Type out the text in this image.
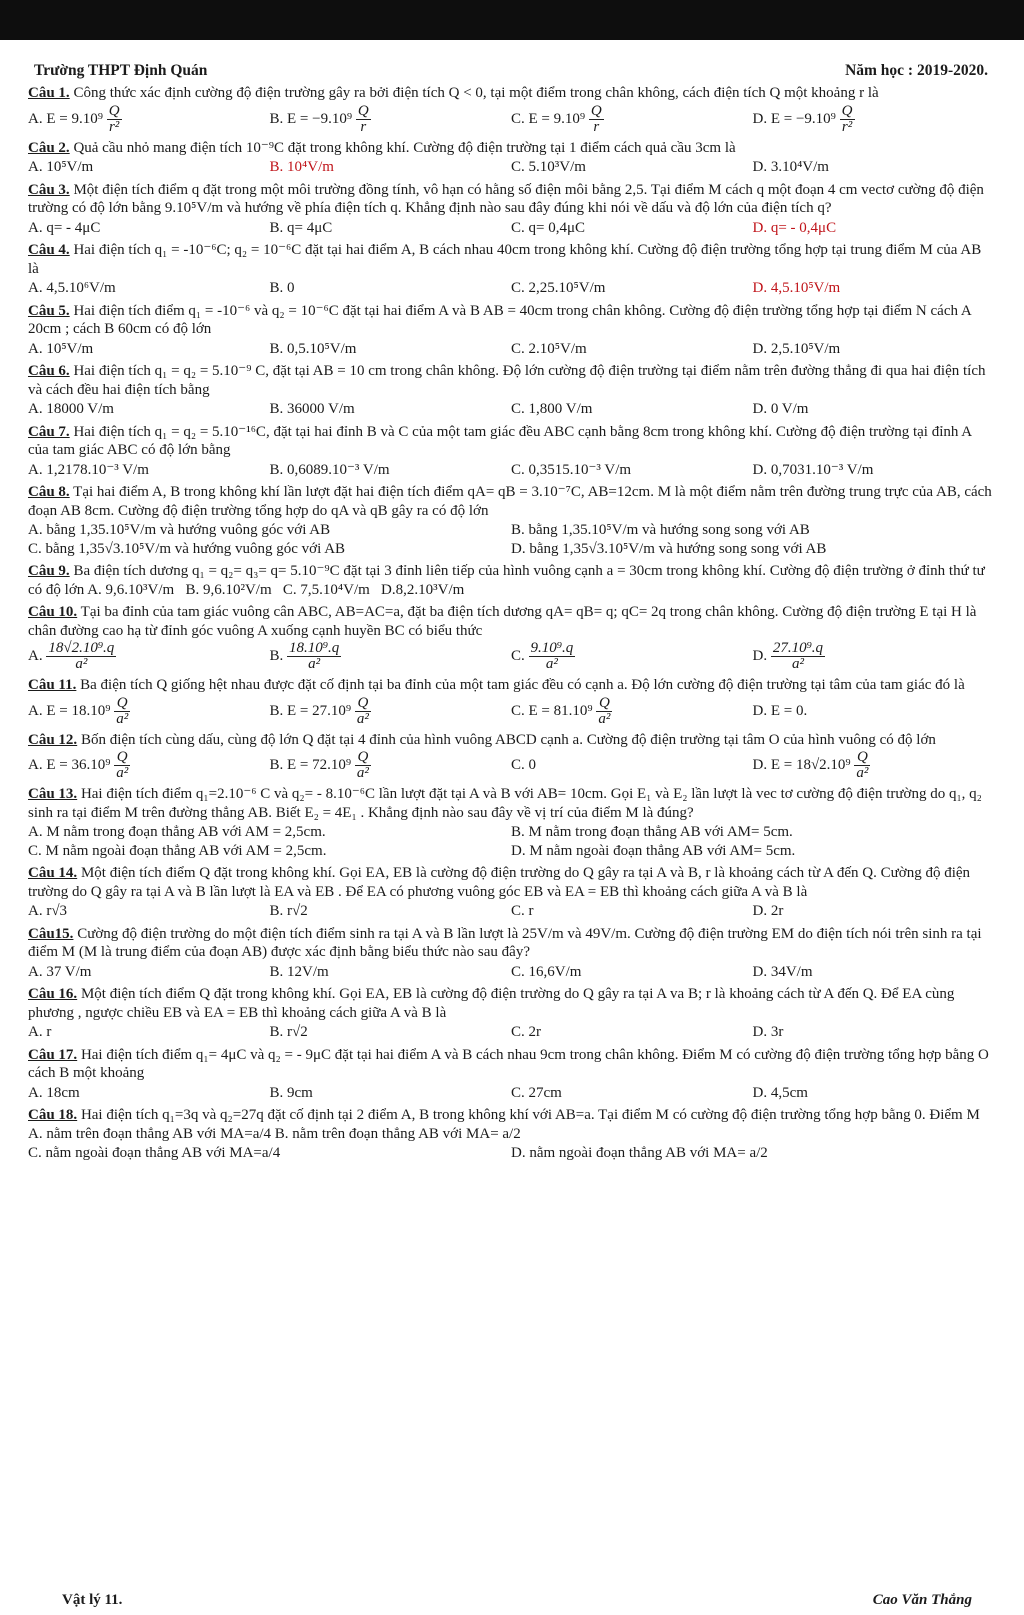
Trường THPT Định Quán	Năm học : 2019-2020.
Câu 1. Công thức xác định cường độ điện trường gây ra bởi điện tích Q < 0, tại một điểm trong chân không, cách điện tích Q một khoảng r là
A. $E = 9.10^9 \frac{Q}{\text{r²}}$	B. $E = -9.10^9 \frac{Q}{r}$	C. $E = 9.10^9 \frac{Q}{r}$	D. $E = -9.10^9 \frac{Q}{\text{r²}}$
Câu 2. Quả cầu nhỏ mang điện tích 10⁻⁹C đặt trong không khí. Cường độ điện trường tại 1 điểm cách quả cầu 3cm là
A. 10⁵V/m	B. 10⁴V/m	C. 5.10³V/m	D. 3.10⁴V/m
Câu 3. Một điện tích điểm q đặt trong một môi trường đồng tính, vô hạn có hằng số điện môi bằng 2,5. Tại điểm M cách q một đoạn 4 cm vectơ cường độ điện trường có độ lớn bằng 9.10⁵V/m và hướng về phía điện tích q. Khẳng định nào sau đây đúng khi nói về dấu và độ lớn của điện tích q?
A. q= - 4μC	B. q= 4μC	C. q= 0,4μC	D. q= - 0,4μC
Câu 4. Hai điện tích q₁ = -10⁻⁶C; q₂ = 10⁻⁶C đặt tại hai điểm A, B cách nhau 40cm trong không khí. Cường độ điện trường tổng hợp tại trung điểm M của AB là
A. 4,5.10⁶V/m	B. 0	C. 2,25.10⁵V/m	D. 4,5.10⁵V/m
Câu 5. Hai điện tích điểm q₁ = -10⁻⁶ và q₂ = 10⁻⁶C đặt tại hai điểm A và B AB = 40cm trong chân không. Cường độ điện trường tổng hợp tại điểm N cách A 20cm ; cách B 60cm có độ lớn
A. 10⁵V/m	B. 0,5.10⁵V/m	C. 2.10⁵V/m	D. 2,5.10⁵V/m
Câu 6. Hai điện tích q₁ = q₂ = 5.10⁻⁹ C, đặt tại AB = 10 cm trong chân không. Độ lớn cường độ điện trường tại điểm nằm trên đường thẳng đi qua hai điện tích và cách đều hai điện tích bằng
A. 18000 V/m	B. 36000 V/m	C. 1,800 V/m	D. 0 V/m
Câu 7. Hai điện tích q₁ = q₂ = 5.10⁻¹⁶C, đặt tại hai đỉnh B và C của một tam giác đều ABC cạnh bằng 8cm trong không khí. Cường độ điện trường tại đỉnh A của tam giác ABC có độ lớn bằng
A. 1,2178.10⁻³ V/m	B. 0,6089.10⁻³ V/m	C. 0,3515.10⁻³ V/m	D. 0,7031.10⁻³ V/m
Câu 8. Tại hai điểm A, B trong không khí lần lượt đặt hai điện tích điểm qA= qB = 3.10⁻⁷C, AB=12cm. M là một điểm nằm trên đường trung trực của AB, cách đoạn AB 8cm. Cường độ điện trường tổng hợp do qA và qB gây ra có độ lớn
A. bằng 1,35.10⁵V/m và hướng vuông góc với AB	B. bằng 1,35.10⁵V/m và hướng song song với AB
C. bằng 1,35√3.10⁵V/m và hướng vuông góc với AB	D. bằng 1,35√3.10⁵V/m và hướng song song với AB
Câu 9. Ba điện tích dương q₁ = q₂= q₃= q= 5.10⁻⁹C đặt tại 3 đỉnh liên tiếp của hình vuông cạnh a = 30cm trong không khí. Cường độ điện trường ở đỉnh thứ tư có độ lớn A. 9,6.10³V/m B. 9,6.10²V/m C. 7,5.10⁴V/m D.8,2.10³V/m
Câu 10. Tại ba đỉnh của tam giác vuông cân ABC, AB=AC=a, đặt ba điện tích dương qA= qB= q; qC= 2q trong chân không. Cường độ điện trường E tại H là chân đường cao hạ từ đỉnh góc vuông A xuống cạnh huyền BC có biểu thức
A. $\frac{\text{18√2.10⁹.q}}{\text{a²}}$	B. $\frac{\text{18.10⁹.q}}{\text{a²}}$	C. $\frac{\text{9.10⁹.q}}{\text{a²}}$	D. $\frac{\text{27.10⁹.q}}{\text{a²}}$
Câu 11. Ba điện tích Q giống hệt nhau được đặt cố định tại ba đỉnh của một tam giác đều có cạnh a. Độ lớn cường độ điện trường tại tâm của tam giác đó là
A. $E = 18.10^9 \frac{Q}{\text{a²}}$	B. $E = 27.10^9 \frac{Q}{\text{a²}}$	C. $E = 81.10^9 \frac{Q}{\text{a²}}$	D. E = 0.
Câu 12. Bốn điện tích cùng dấu, cùng độ lớn Q đặt tại 4 đỉnh của hình vuông ABCD cạnh a. Cường độ điện trường tại tâm O của hình vuông có độ lớn
A. $E = 36.10^9 \frac{Q}{\text{a²}}$	B. $E = 72.10^9 \frac{Q}{\text{a²}}$	C. 0	D. $E = 18√2.10^9 \frac{Q}{\text{a²}}$
Câu 13. Hai điện tích điểm q₁=2.10⁻⁶ C và q₂= - 8.10⁻⁶C lần lượt đặt tại A và B với AB= 10cm. Gọi E₁ và E₂ lần lượt là vec tơ cường độ điện trường do q₁, q₂ sinh ra tại điểm M trên đường thẳng AB. Biết E₂ = 4E₁ . Khẳng định nào sau đây về vị trí của điểm M là đúng?
A. M nằm trong đoạn thẳng AB với AM = 2,5cm.	B. M nằm trong đoạn thẳng AB với AM= 5cm.
C. M nằm ngoài đoạn thẳng AB với AM = 2,5cm.	D. M nằm ngoài đoạn thẳng AB với AM= 5cm.
Câu 14. Một điện tích điểm Q đặt trong không khí. Gọi EA, EB là cường độ điện trường do Q gây ra tại A và B, r là khoảng cách từ A đến Q. Cường độ điện trường do Q gây ra tại A và B lần lượt là EA và EB . Để EA có phương vuông góc EB và EA = EB thì khoảng cách giữa A và B là
A. r√3	B. r√2	C. r	D. 2r
Câu15. Cường độ điện trường do một điện tích điểm sinh ra tại A và B lần lượt là 25V/m và 49V/m. Cường độ điện trường EM do điện tích nói trên sinh ra tại điểm M (M là trung điểm của đoạn AB) được xác định bằng biểu thức nào sau đây?
A. 37 V/m	B. 12V/m	C. 16,6V/m	D. 34V/m
Câu 16. Một điện tích điểm Q đặt trong không khí. Gọi EA, EB là cường độ điện trường do Q gây ra tại A va B; r là khoảng cách từ A đến Q. Để EA cùng phương , ngược chiều EB và EA = EB thì khoảng cách giữa A và B là
A. r	B. r√2	C. 2r	D. 3r
Câu 17. Hai điện tích điểm q₁= 4μC và q₂ = - 9μC đặt tại hai điểm A và B cách nhau 9cm trong chân không. Điểm M có cường độ điện trường tổng hợp bằng O cách B một khoảng
A. 18cm	B. 9cm	C. 27cm	D. 4,5cm
Câu 18. Hai điện tích q₁=3q và q₂=27q đặt cố định tại 2 điểm A, B trong không khí với AB=a. Tại điểm M có cường độ điện trường tổng hợp bằng 0. Điểm M A. nằm trên đoạn thẳng AB với MA=a/4 B. nằm trên đoạn thẳng AB với MA= a/2
C. nằm ngoài đoạn thẳng AB với MA=a/4	D. nằm ngoài đoạn thẳng AB với MA= a/2
Vật lý 11.	Cao Văn Thắng
